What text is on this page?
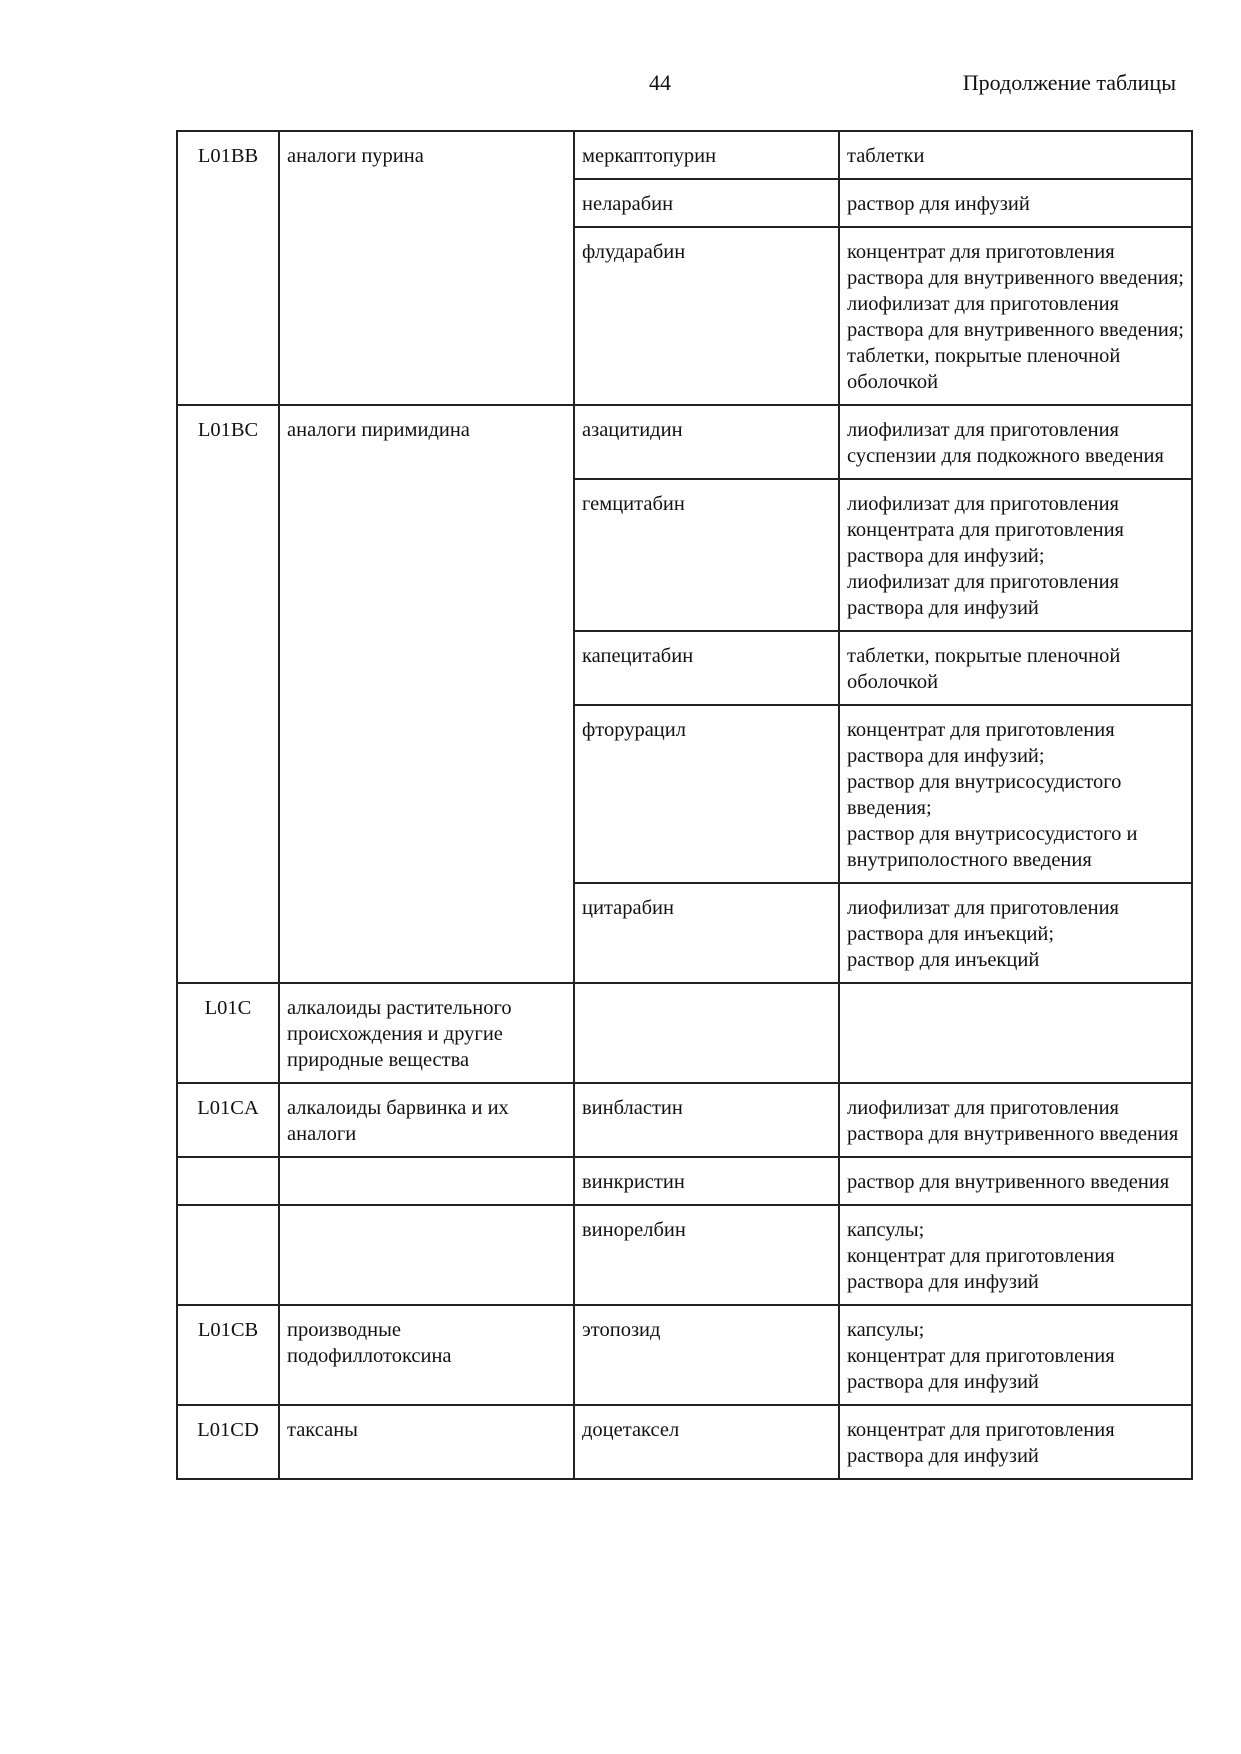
44	Продолжение таблицы
L01BB	аналоги пурина	меркаптопурин	таблетки

		неларабин	раствор для инфузий

		флударабин	концентрат для приготовления раствора для внутривенного введения;
лиофилизат для приготовления раствора для внутривенного введения;
таблетки, покрытые пленочной оболочкой

L01BC	аналоги пиримидина	азацитидин	лиофилизат для приготовления суспензии для подкожного введения

		гемцитабин	лиофилизат для приготовления концентрата для приготовления раствора для инфузий;
лиофилизат для приготовления раствора для инфузий

		капецитабин	таблетки, покрытые пленочной оболочкой

		фторурацил	концентрат для приготовления раствора для инфузий;
раствор для внутрисосудистого введения;
раствор для внутрисосудистого и внутриполостного введения

		цитарабин	лиофилизат для приготовления раствора для инъекций;
раствор для инъекций

L01C	алкалоиды растительного происхождения и другие природные вещества		
L01CA	алкалоиды барвинка и их аналоги	винбластин	лиофилизат для приготовления раствора для внутривенного введения

		винкристин	раствор для внутривенного введения

		винорелбин	капсулы;
концентрат для приготовления раствора для инфузий

L01CB	производные подофиллотоксина	этопозид	капсулы;
концентрат для приготовления раствора для инфузий

L01CD	таксаны	доцетаксел	концентрат для приготовления раствора для инфузий
